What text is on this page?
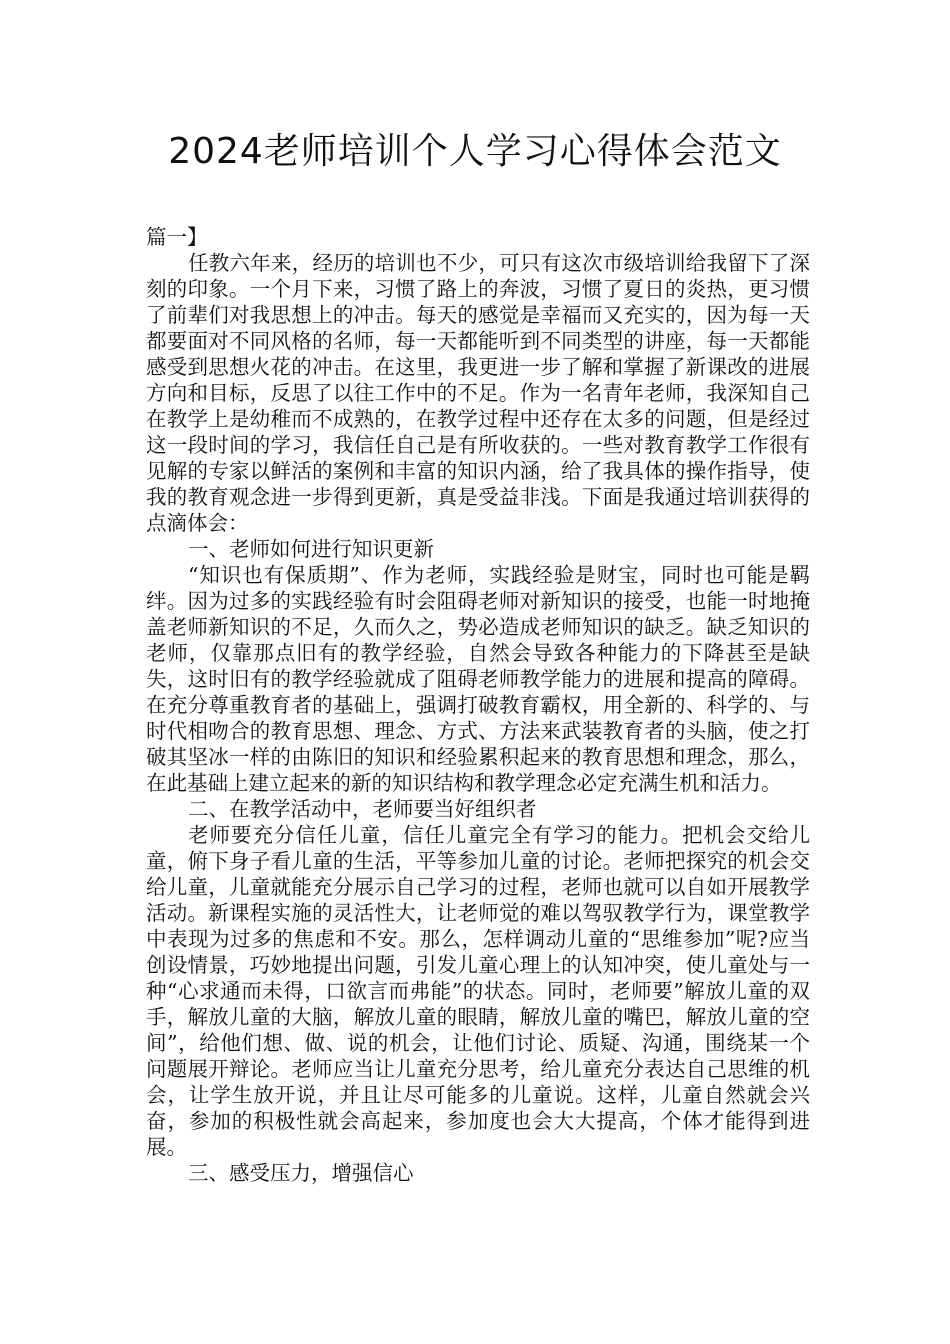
2024老师培训个人学习心得体会范文

篇一】

任教六年来，经历的培训也不少，可只有这次市级培训给我留下了深刻的印象。一个月下来，习惯了路上的奔波，习惯了夏日的炎热，更习惯了前辈们对我思想上的冲击。每天的感觉是幸福而又充实的，因为每一天都要面对不同风格的名师，每一天都能听到不同类型的讲座，每一天都能感受到思想火花的冲击。在这里，我更进一步了解和掌握了新课改的进展方向和目标，反思了以往工作中的不足。作为一名青年老师，我深知自己在教学上是幼稚而不成熟的，在教学过程中还存在太多的问题，但是经过这一段时间的学习，我信任自己是有所收获的。一些对教育教学工作很有见解的专家以鲜活的案例和丰富的知识内涵，给了我具体的操作指导，使我的教育观念进一步得到更新，真是受益非浅。下面是我通过培训获得的点滴体会：

一、老师如何进行知识更新

“知识也有保质期”、作为老师，实践经验是财宝，同时也可能是羁绊。因为过多的实践经验有时会阻碍老师对新知识的接受，也能一时地掩盖老师新知识的不足，久而久之，势必造成老师知识的缺乏。缺乏知识的老师，仅靠那点旧有的教学经验，自然会导致各种能力的下降甚至是缺失，这时旧有的教学经验就成了阻碍老师教学能力的进展和提高的障碍。在充分尊重教育者的基础上，强调打破教育霸权，用全新的、科学的、与时代相吻合的教育思想、理念、方式、方法来武装教育者的头脑，使之打破其坚冰一样的由陈旧的知识和经验累积起来的教育思想和理念，那么，在此基础上建立起来的新的知识结构和教学理念必定充满生机和活力。

二、在教学活动中，老师要当好组织者

老师要充分信任儿童，信任儿童完全有学习的能力。把机会交给儿童，俯下身子看儿童的生活，平等参加儿童的讨论。老师把探究的机会交给儿童，儿童就能充分展示自己学习的过程，老师也就可以自如开展教学活动。新课程实施的灵活性大，让老师觉的难以驾驭教学行为，课堂教学中表现为过多的焦虑和不安。那么，怎样调动儿童的“思维参加”呢?应当创设情景，巧妙地提出问题，引发儿童心理上的认知冲突，使儿童处与一种“心求通而未得，口欲言而弗能”的状态。同时，老师要”解放儿童的双手，解放儿童的大脑，解放儿童的眼睛，解放儿童的嘴巴，解放儿童的空间”，给他们想、做、说的机会，让他们讨论、质疑、沟通，围绕某一个问题展开辩论。老师应当让儿童充分思考，给儿童充分表达自己思维的机会，让学生放开说，并且让尽可能多的儿童说。这样，儿童自然就会兴奋，参加的积极性就会高起来，参加度也会大大提高，个体才能得到进展。

三、感受压力，增强信心
